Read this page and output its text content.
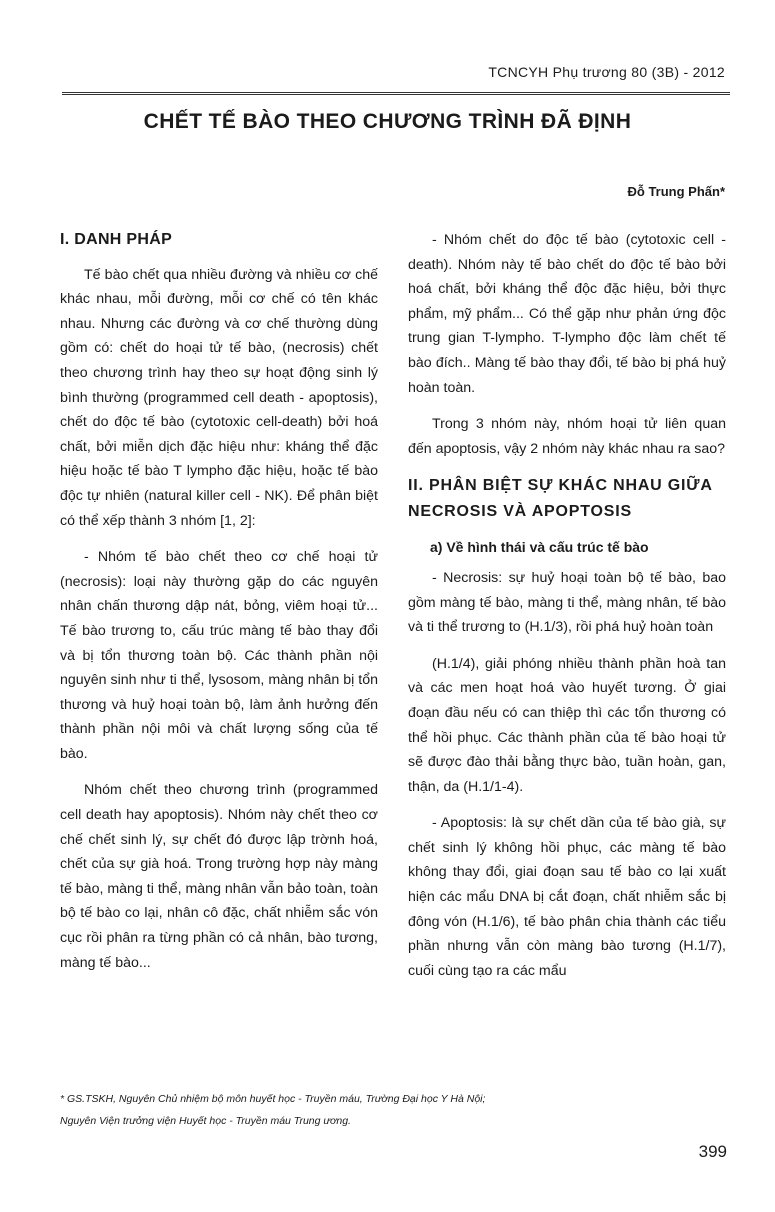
TCNCYH Phụ trương 80 (3B) - 2012
CHẾT TẾ BÀO THEO CHƯƠNG TRÌNH ĐÃ ĐỊNH
Đỗ Trung Phấn*
I. DANH PHÁP

Tế bào chết qua nhiều đường và nhiều cơ chế khác nhau, mỗi đường, mỗi cơ chế có tên khác nhau. Nhưng các đường và cơ chế thường dùng gồm có: chết do hoại tử tế bào, (necrosis) chết theo chương trình hay theo sự hoạt động sinh lý bình thường (programmed cell death - apoptosis), chết do độc tế bào (cytotoxic cell-death) bởi hoá chất, bởi miễn dịch đặc hiệu như: kháng thể đặc hiệu hoặc tế bào T lympho đặc hiệu, hoặc tế bào độc tự nhiên (natural killer cell - NK). Để phân biệt có thể xếp thành 3 nhóm [1, 2]:

- Nhóm tế bào chết theo cơ chế hoại tử (necrosis): loại này thường gặp do các nguyên nhân chấn thương dập nát, bỏng, viêm hoại tử... Tế bào trương to, cấu trúc màng tế bào thay đổi và bị tổn thương toàn bộ. Các thành phần nội nguyên sinh như ti thể, lysosom, màng nhân bị tổn thương và huỷ hoại toàn bộ, làm ảnh hưởng đến thành phần nội môi và chất lượng sống của tế bào.

Nhóm chết theo chương trình (programmed cell death hay apoptosis). Nhóm này chết theo cơ chế chết sinh lý, sự chết đó được lập trờnh hoá, chết của sự già hoá. Trong trường hợp này màng tế bào, màng ti thể, màng nhân vẫn bảo toàn, toàn bộ tế bào co lại, nhân cô đặc, chất nhiễm sắc vón cục rồi phân ra từng phần có cả nhân, bào tương, màng tế bào...

- Nhóm chết do độc tế bào (cytotoxic cell - death). Nhóm này tế bào chết do độc tế bào bởi hoá chất, bởi kháng thể độc đặc hiệu, bởi thực phẩm, mỹ phẩm... Có thể gặp như phản ứng độc trung gian T-lympho. T-lympho độc làm chết tế bào đích.. Màng tế bào thay đổi, tế bào bị phá huỷ hoàn toàn.

Trong 3 nhóm này, nhóm hoại tử liên quan đến apoptosis, vậy 2 nhóm này khác nhau ra sao?

II. PHÂN BIỆT SỰ KHÁC NHAU GIỮA NECROSIS VÀ APOPTOSIS
a) Về hình thái và cấu trúc tế bào

- Necrosis: sự huỷ hoại toàn bộ tế bào, bao gồm màng tế bào, màng ti thể, màng nhân, tế bào và ti thể trương to (H.1/3), rồi phá huỷ hoàn toàn

(H.1/4), giải phóng nhiều thành phần hoà tan và các men hoạt hoá vào huyết tương. Ở giai đoạn đầu nếu có can thiệp thì các tổn thương có thể hồi phục. Các thành phần của tế bào hoại tử sẽ được đào thải bằng thực bào, tuần hoàn, gan, thận, da (H.1/1-4).

- Apoptosis: là sự chết dần của tế bào già, sự chết sinh lý không hồi phục, các màng tế bào không thay đổi, giai đoạn sau tế bào co lại xuất hiện các mẩu DNA bị cắt đoạn, chất nhiễm sắc bị đông vón (H.1/6), tế bào phân chia thành các tiểu phần nhưng vẫn còn màng bào tương (H.1/7), cuối cùng tạo ra các mẩu

* GS.TSKH, Nguyên Chủ nhiệm bộ môn huyết học - Truyền máu, Trường Đại học Y Hà Nội;
Nguyên Viện trưởng viện Huyết học - Truyền máu Trung ương.
399
